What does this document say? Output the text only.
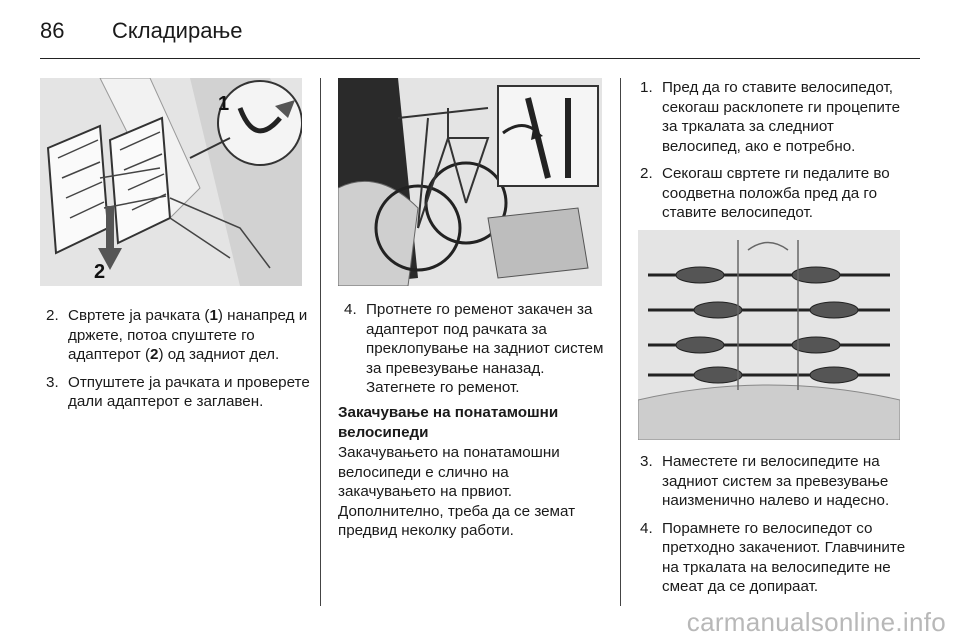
86 Складирање
1
2
2. Свртете ја рачката (1) нанапред и држете, потоа спуштете го адаптерот (2) од задниот дел.
3. Отпуштете ја рачката и проверете дали адаптерот е заглавен.
4. Протнете го ременот закачен за адаптерот под рачката за преклопување на задниот систем за превезување наназад. Затегнете го ременот.
Закачување на понатамошни велосипеди
Закачувањето на понатамошни велосипеди е слично на закачувањето на првиот. Дополнително, треба да се земат предвид неколку работи.
1. Пред да го ставите велосипедот, секогаш расклопете ги процепите за тркалата за следниот велосипед, ако е потребно.
2. Секогаш свртете ги педалите во соодветна положба пред да го ставите велосипедот.
3. Наместете ги велосипедите на задниот систем за превезување наизменично налево и надесно.
4. Порамнете го велосипедот со претходно закачениот. Главчините на тркалата на велосипедите не смеат да се допираат.
carmanualsonline.info
